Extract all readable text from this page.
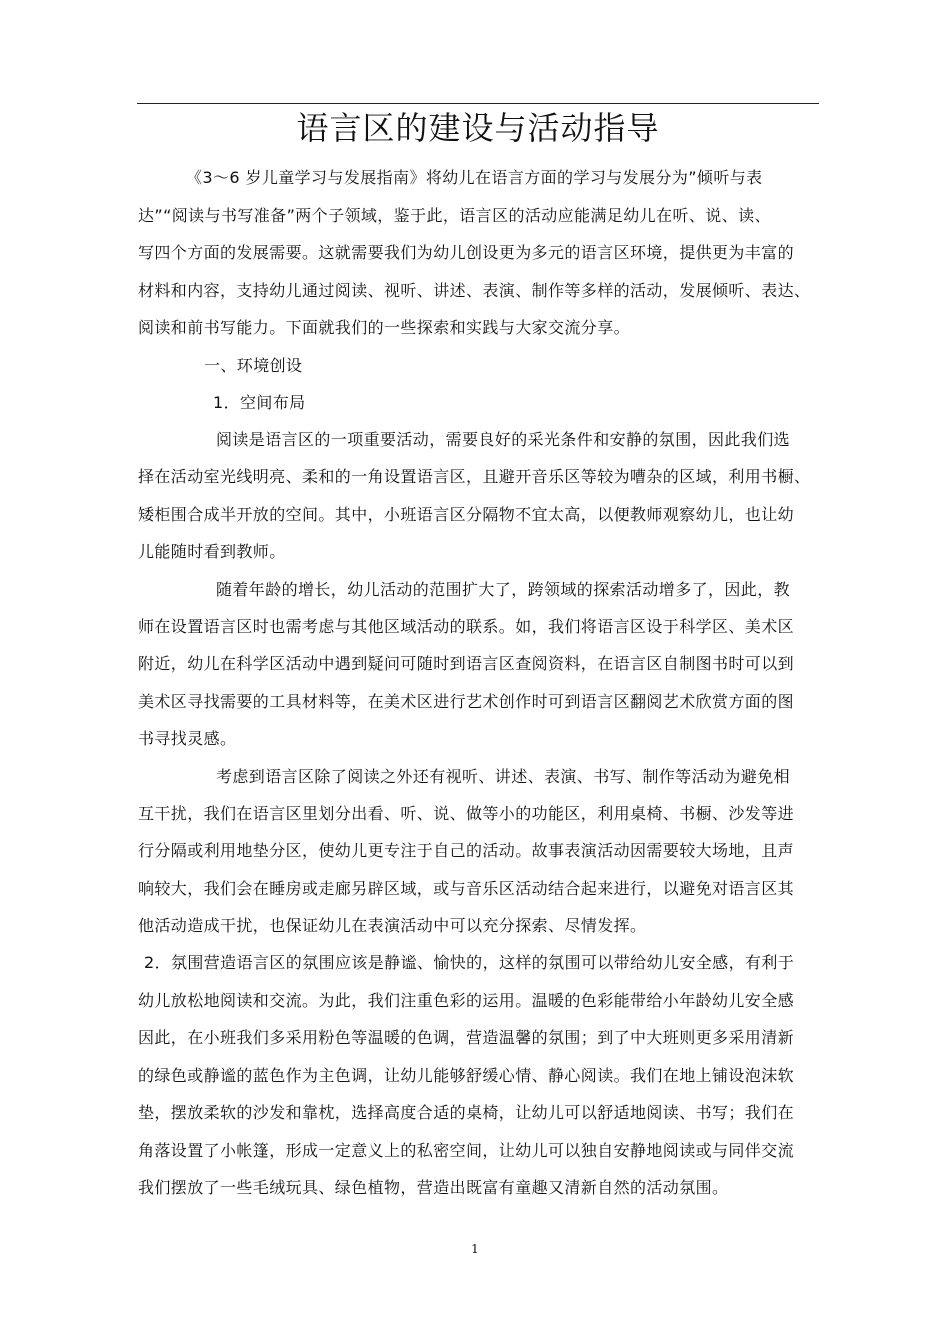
语言区的建设与活动指导

《3～6 岁儿童学习与发展指南》将幼儿在语言方面的学习与发展分为”倾听与表

达”“阅读与书写准备”两个子领域，鉴于此，语言区的活动应能满足幼儿在听、说、读、

写四个方面的发展需要。这就需要我们为幼儿创设更为多元的语言区环境，提供更为丰富的

材料和内容，支持幼儿通过阅读、视听、讲述、表演、制作等多样的活动，发展倾听、表达、

阅读和前书写能力。下面就我们的一些探索和实践与大家交流分享。

一、环境创设

1．空间布局

阅读是语言区的一项重要活动，需要良好的采光条件和安静的氛围，因此我们选

择在活动室光线明亮、柔和的一角设置语言区，且避开音乐区等较为嘈杂的区域，利用书橱、

矮柜围合成半开放的空间。其中，小班语言区分隔物不宜太高，以便教师观察幼儿，也让幼

儿能随时看到教师。

随着年龄的增长，幼儿活动的范围扩大了，跨领域的探索活动增多了，因此，教

师在设置语言区时也需考虑与其他区域活动的联系。如，我们将语言区设于科学区、美术区

附近，幼儿在科学区活动中遇到疑问可随时到语言区查阅资料，在语言区自制图书时可以到

美术区寻找需要的工具材料等，在美术区进行艺术创作时可到语言区翻阅艺术欣赏方面的图

书寻找灵感。

考虑到语言区除了阅读之外还有视听、讲述、表演、书写、制作等活动为避免相

互干扰，我们在语言区里划分出看、听、说、做等小的功能区，利用桌椅、书橱、沙发等进

行分隔或利用地垫分区，使幼儿更专注于自己的活动。故事表演活动因需要较大场地，且声

响较大，我们会在睡房或走廊另辟区域，或与音乐区活动结合起来进行，以避免对语言区其

他活动造成干扰，也保证幼儿在表演活动中可以充分探索、尽情发挥。

2．氛围营造语言区的氛围应该是静谧、愉快的，这样的氛围可以带给幼儿安全感，有利于

幼儿放松地阅读和交流。为此，我们注重色彩的运用。温暖的色彩能带给小年龄幼儿安全感

因此，在小班我们多采用粉色等温暖的色调，营造温馨的氛围；到了中大班则更多采用清新

的绿色或静谧的蓝色作为主色调，让幼儿能够舒缓心情、静心阅读。我们在地上铺设泡沫软

垫，摆放柔软的沙发和靠枕，选择高度合适的桌椅，让幼儿可以舒适地阅读、书写；我们在

角落设置了小帐篷，形成一定意义上的私密空间，让幼儿可以独自安静地阅读或与同伴交流

我们摆放了一些毛绒玩具、绿色植物，营造出既富有童趣又清新自然的活动氛围。

1
